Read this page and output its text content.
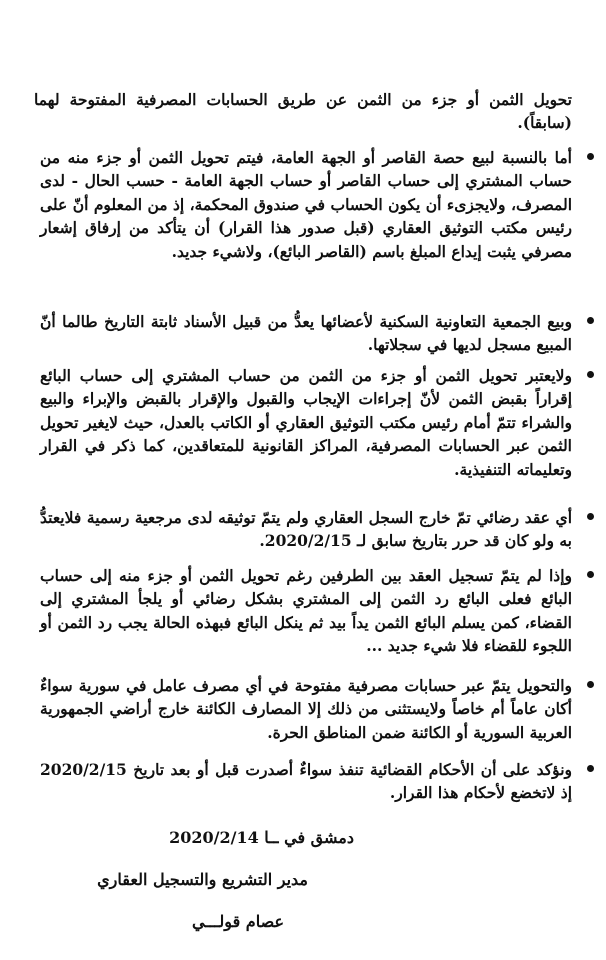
تحويل الثمن أو جزء من الثمن عن طريق الحسابات المصرفية المفتوحة لهما (سابقاً).
أما بالنسبة لبيع حصة القاصر أو الجهة العامة، فيتم تحويل الثمن أو جزء منه من حساب المشتري إلى حساب القاصر أو حساب الجهة العامة - حسب الحال - لدى المصرف، ولايجزىء أن يكون الحساب في صندوق المحكمة، إذ من المعلوم أنّ على رئيس مكتب التوثيق العقاري (قبل صدور هذا القرار) أن يتأكد من إرفاق إشعار مصرفي يثبت إيداع المبلغ باسم (القاصر البائع)، ولاشيء جديد.
وبيع الجمعية التعاونية السكنية لأعضائها يعدُّ من قبيل الأسناد ثابتة التاريخ طالما أنّ المبيع مسجل لديها في سجلاتها.
ولايعتبر تحويل الثمن أو جزء من الثمن من حساب المشتري إلى حساب البائع إقراراً بقبض الثمن لأنّ إجراءات الإيجاب والقبول والإقرار بالقبض والإبراء والبيع والشراء تتمّ أمام رئيس مكتب التوثيق العقاري أو الكاتب بالعدل، حيث لايغير تحويل الثمن عبر الحسابات المصرفية، المراكز القانونية للمتعاقدين، كما ذكر في القرار وتعليماته التنفيذية.
أي عقد رضائي تمّ خارج السجل العقاري ولم يتمّ توثيقه لدى مرجعية رسمية فلايعتدُّ به ولو كان قد حرر بتاريخ سابق لـ 2020/2/15.
وإذا لم يتمّ تسجيل العقد بين الطرفين رغم تحويل الثمن أو جزء منه إلى حساب البائع فعلى البائع رد الثمن إلى المشتري بشكل رضائي أو يلجأ المشتري إلى القضاء، كمن يسلم البائع الثمن يداً بيد ثم ينكل البائع فبهذه الحالة يجب رد الثمن أو اللجوء للقضاء فلا شيء جديد ...
والتحويل يتمّ عبر حسابات مصرفية مفتوحة في أي مصرف عامل في سورية سواءٌ أكان عاماً أم خاصاً ولايستثنى من ذلك إلا المصارف الكائنة خارج أراضي الجمهورية العربية السورية أو الكائنة ضمن المناطق الحرة.
ونؤكد على أن الأحكام القضائية تنفذ سواءٌ أصدرت قبل أو بعد تاريخ 2020/2/15 إذ لاتخضع لأحكام هذا القرار.
دمشق في ــا 2020/2/14
مدير التشريع والتسجيل العقاري
عصام قولـــي
